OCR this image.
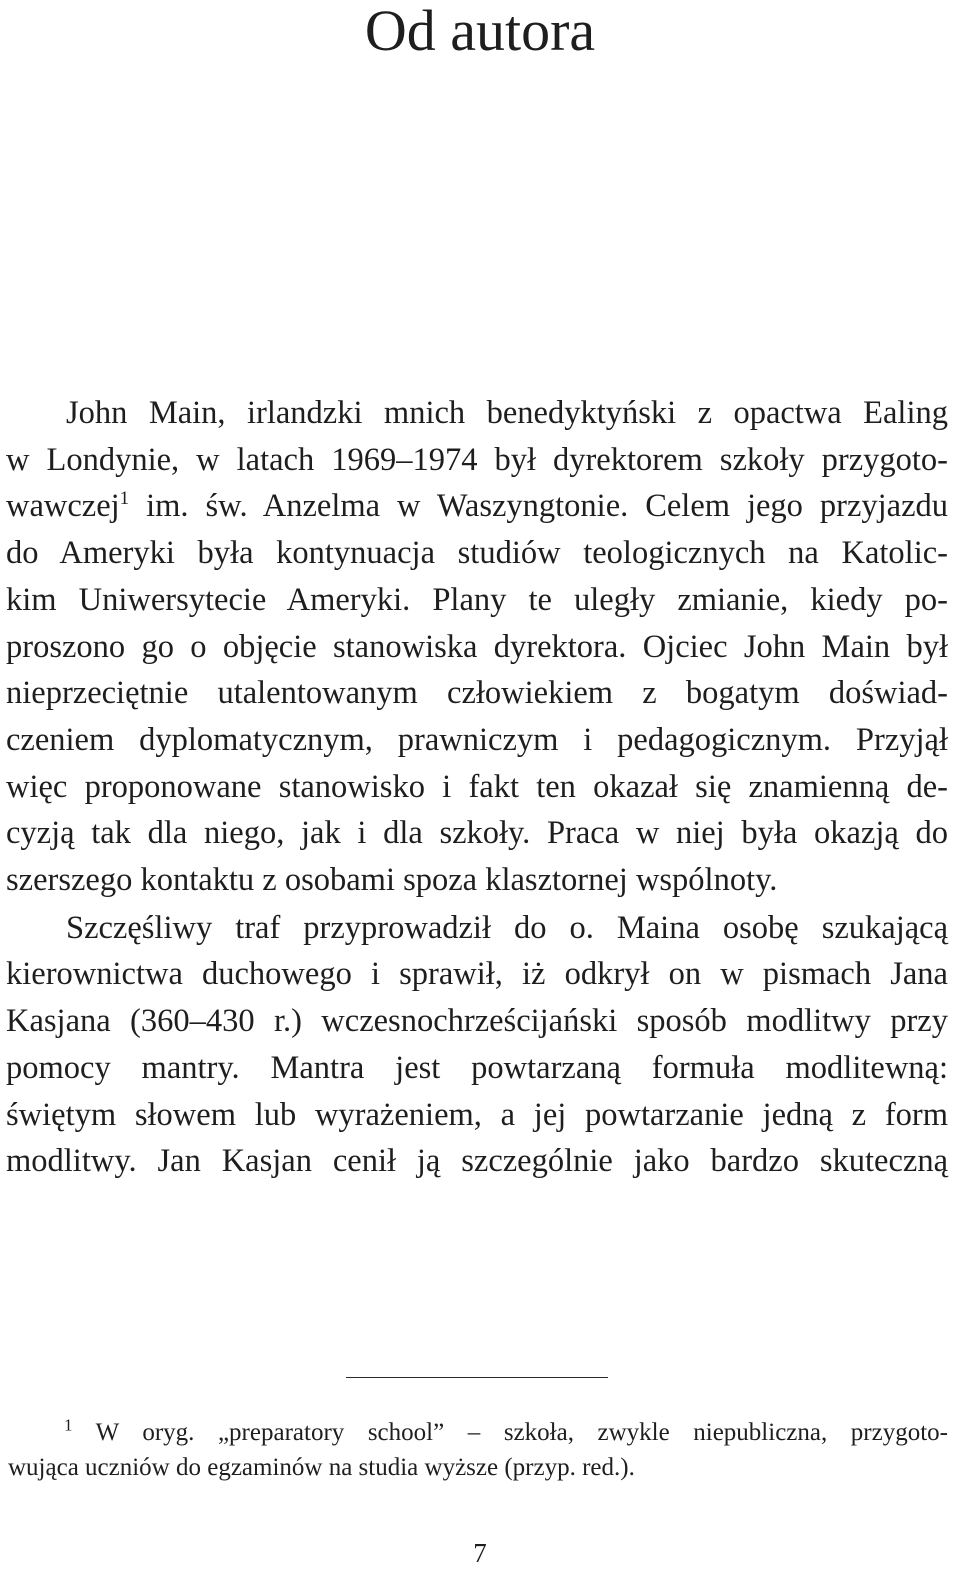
Od autora
John Main, irlandzki mnich benedyktyński z opactwa Ealing
w Londynie, w latach 1969–1974 był dyrektorem szkoły przygoto-
wawczej$^1$ im. św. Anzelma w Waszyngtonie. Celem jego przyjazdu
do Ameryki była kontynuacja studiów teologicznych na Katolic-
kim Uniwersytecie Ameryki. Plany te uległy zmianie, kiedy po-
proszono go o objęcie stanowiska dyrektora. Ojciec John Main był
nieprzeciętnie utalentowanym człowiekiem z bogatym doświad-
czeniem dyplomatycznym, prawniczym i pedagogicznym. Przyjął
więc proponowane stanowisko i fakt ten okazał się znamienną de-
cyzją tak dla niego, jak i dla szkoły. Praca w niej była okazją do
szerszego kontaktu z osobami spoza klasztornej wspólnoty.
Szczęśliwy traf przyprowadził do o. Maina osobę szukającą
kierownictwa duchowego i sprawił, iż odkrył on w pismach Jana
Kasjana (360–430 r.) wczesnochrześcijański sposób modlitwy przy
pomocy mantry. Mantra jest powtarzaną formuła modlitewną:
świętym słowem lub wyrażeniem, a jej powtarzanie jedną z form
modlitwy. Jan Kasjan cenił ją szczególnie jako bardzo skuteczną
$^1$ W oryg. „preparatory school” – szkoła, zwykle niepubliczna, przygoto-
wująca uczniów do egzaminów na studia wyższe (przyp. red.).
7
